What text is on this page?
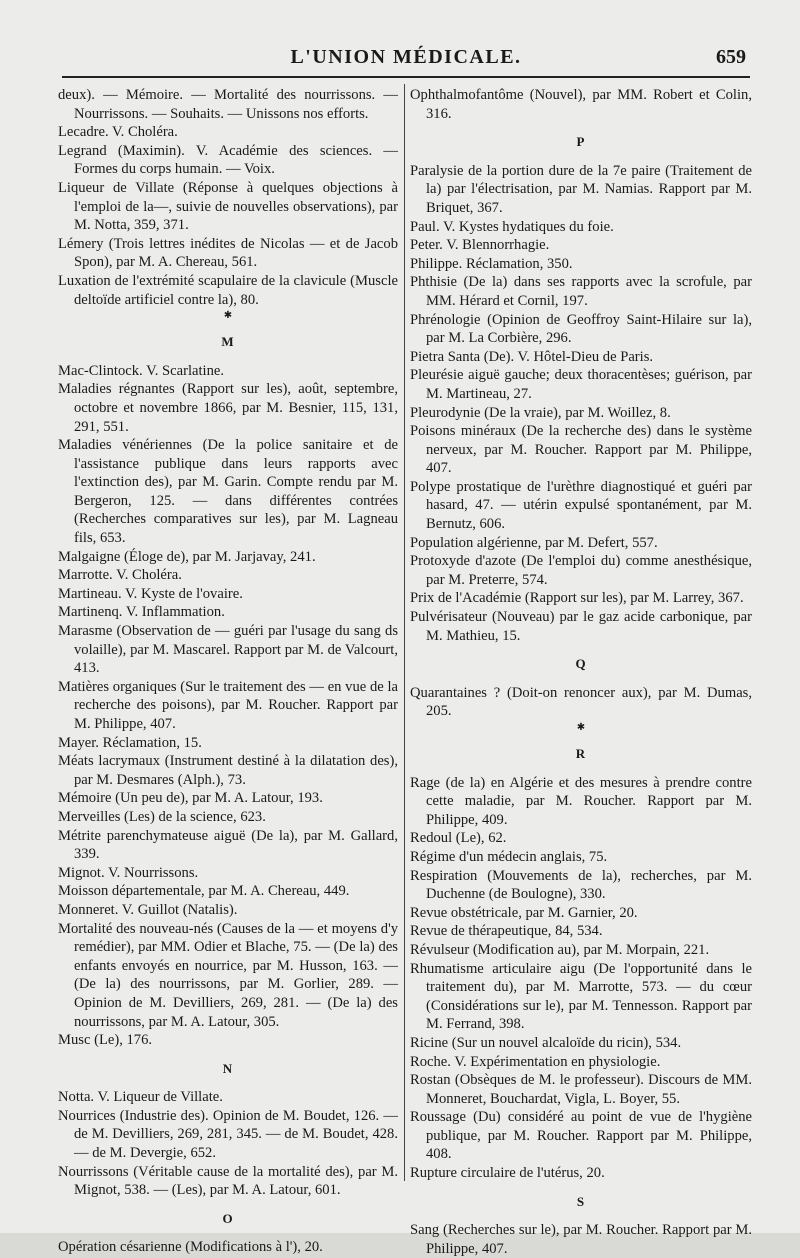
L'UNION MÉDICALE.	659

deux). — Mémoire. — Mortalité des nourrissons. — Nourrissons. — Souhaits. — Unissons nos efforts.

Lecadre. V. Choléra.

Legrand (Maximin). V. Académie des sciences. — Formes du corps humain. — Voix.

Liqueur de Villate (Réponse à quelques objections à l'emploi de la—, suivie de nouvelles observations), par M. Notta, 359, 371.

Lémery (Trois lettres inédites de Nicolas — et de Jacob Spon), par M. A. Chereau, 561.

Luxation de l'extrémité scapulaire de la clavicule (Muscle deltoïde artificiel contre la), 80.

✱

M

Mac-Clintock. V. Scarlatine.

Maladies régnantes (Rapport sur les), août, septembre, octobre et novembre 1866, par M. Besnier, 115, 131, 291, 551.

Maladies vénériennes (De la police sanitaire et de l'assistance publique dans leurs rapports avec l'extinction des), par M. Garin. Compte rendu par M. Bergeron, 125. — dans différentes contrées (Recherches comparatives sur les), par M. Lagneau fils, 653.

Malgaigne (Éloge de), par M. Jarjavay, 241.

Marrotte. V. Choléra.

Martineau. V. Kyste de l'ovaire.

Martinenq. V. Inflammation.

Marasme (Observation de — guéri par l'usage du sang ds volaille), par M. Mascarel. Rapport par M. de Valcourt, 413.

Matières organiques (Sur le traitement des — en vue de la recherche des poisons), par M. Roucher. Rapport par M. Philippe, 407.

Mayer. Réclamation, 15.

Méats lacrymaux (Instrument destiné à la dilatation des), par M. Desmares (Alph.), 73.

Mémoire (Un peu de), par M. A. Latour, 193.

Merveilles (Les) de la science, 623.

Métrite parenchymateuse aiguë (De la), par M. Gallard, 339.

Mignot. V. Nourrissons.

Moisson départementale, par M. A. Chereau, 449.

Monneret. V. Guillot (Natalis).

Mortalité des nouveau-nés (Causes de la — et moyens d'y remédier), par MM. Odier et Blache, 75. — (De la) des enfants envoyés en nourrice, par M. Husson, 163. — (De la) des nourrissons, par M. Gorlier, 289. — Opinion de M. Devilliers, 269, 281. — (De la) des nourrissons, par M. A. Latour, 305.

Musc (Le), 176.

N

Notta. V. Liqueur de Villate.

Nourrices (Industrie des). Opinion de M. Boudet, 126. — de M. Devilliers, 269, 281, 345. — de M. Boudet, 428. — de M. Devergie, 652.

Nourrissons (Véritable cause de la mortalité des), par M. Mignot, 538. — (Les), par M. A. Latour, 601.

O

Opération césarienne (Modifications à l'), 20.

Ophthalmofantôme (Nouvel), par MM. Robert et Colin, 316.

P

Paralysie de la portion dure de la 7e paire (Traitement de la) par l'électrisation, par M. Namias. Rapport par M. Briquet, 367.

Paul. V. Kystes hydatiques du foie.

Peter. V. Blennorrhagie.

Philippe. Réclamation, 350.

Phthisie (De la) dans ses rapports avec la scrofule, par MM. Hérard et Cornil, 197.

Phrénologie (Opinion de Geoffroy Saint-Hilaire sur la), par M. La Corbière, 296.

Pietra Santa (De). V. Hôtel-Dieu de Paris.

Pleurésie aiguë gauche; deux thoracentèses; guérison, par M. Martineau, 27.

Pleurodynie (De la vraie), par M. Woillez, 8.

Poisons minéraux (De la recherche des) dans le système nerveux, par M. Roucher. Rapport par M. Philippe, 407.

Polype prostatique de l'urèthre diagnostiqué et guéri par hasard, 47. — utérin expulsé spontanément, par M. Bernutz, 606.

Population algérienne, par M. Defert, 557.

Protoxyde d'azote (De l'emploi du) comme anesthésique, par M. Preterre, 574.

Prix de l'Académie (Rapport sur les), par M. Larrey, 367.

Pulvérisateur (Nouveau) par le gaz acide carbonique, par M. Mathieu, 15.

Q

Quarantaines ? (Doit-on renoncer aux), par M. Dumas, 205.

✱

R

Rage (de la) en Algérie et des mesures à prendre contre cette maladie, par M. Roucher. Rapport par M. Philippe, 409.

Redoul (Le), 62.

Régime d'un médecin anglais, 75.

Respiration (Mouvements de la), recherches, par M. Duchenne (de Boulogne), 330.

Revue obstétricale, par M. Garnier, 20.

Revue de thérapeutique, 84, 534.

Révulseur (Modification au), par M. Morpain, 221.

Rhumatisme articulaire aigu (De l'opportunité dans le traitement du), par M. Marrotte, 573. — du cœur (Considérations sur le), par M. Tennesson. Rapport par M. Ferrand, 398.

Ricine (Sur un nouvel alcaloïde du ricin), 534.

Roche. V. Expérimentation en physiologie.

Rostan (Obsèques de M. le professeur). Discours de MM. Monneret, Bouchardat, Vigla, L. Boyer, 55.

Roussage (Du) considéré au point de vue de l'hygiène publique, par M. Roucher. Rapport par M. Philippe, 408.

Rupture circulaire de l'utérus, 20.

S

Sang (Recherches sur le), par M. Roucher. Rapport par M. Philippe, 407.
